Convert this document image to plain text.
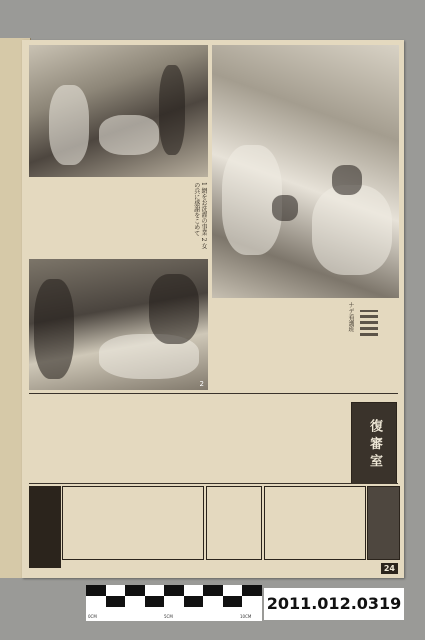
2
1 網をお洗濯の事業 2 女の兵に感謝をこめて
ナデ看護班
復 審 室
24
0CM	5CM	10CM
2011.012.0319
